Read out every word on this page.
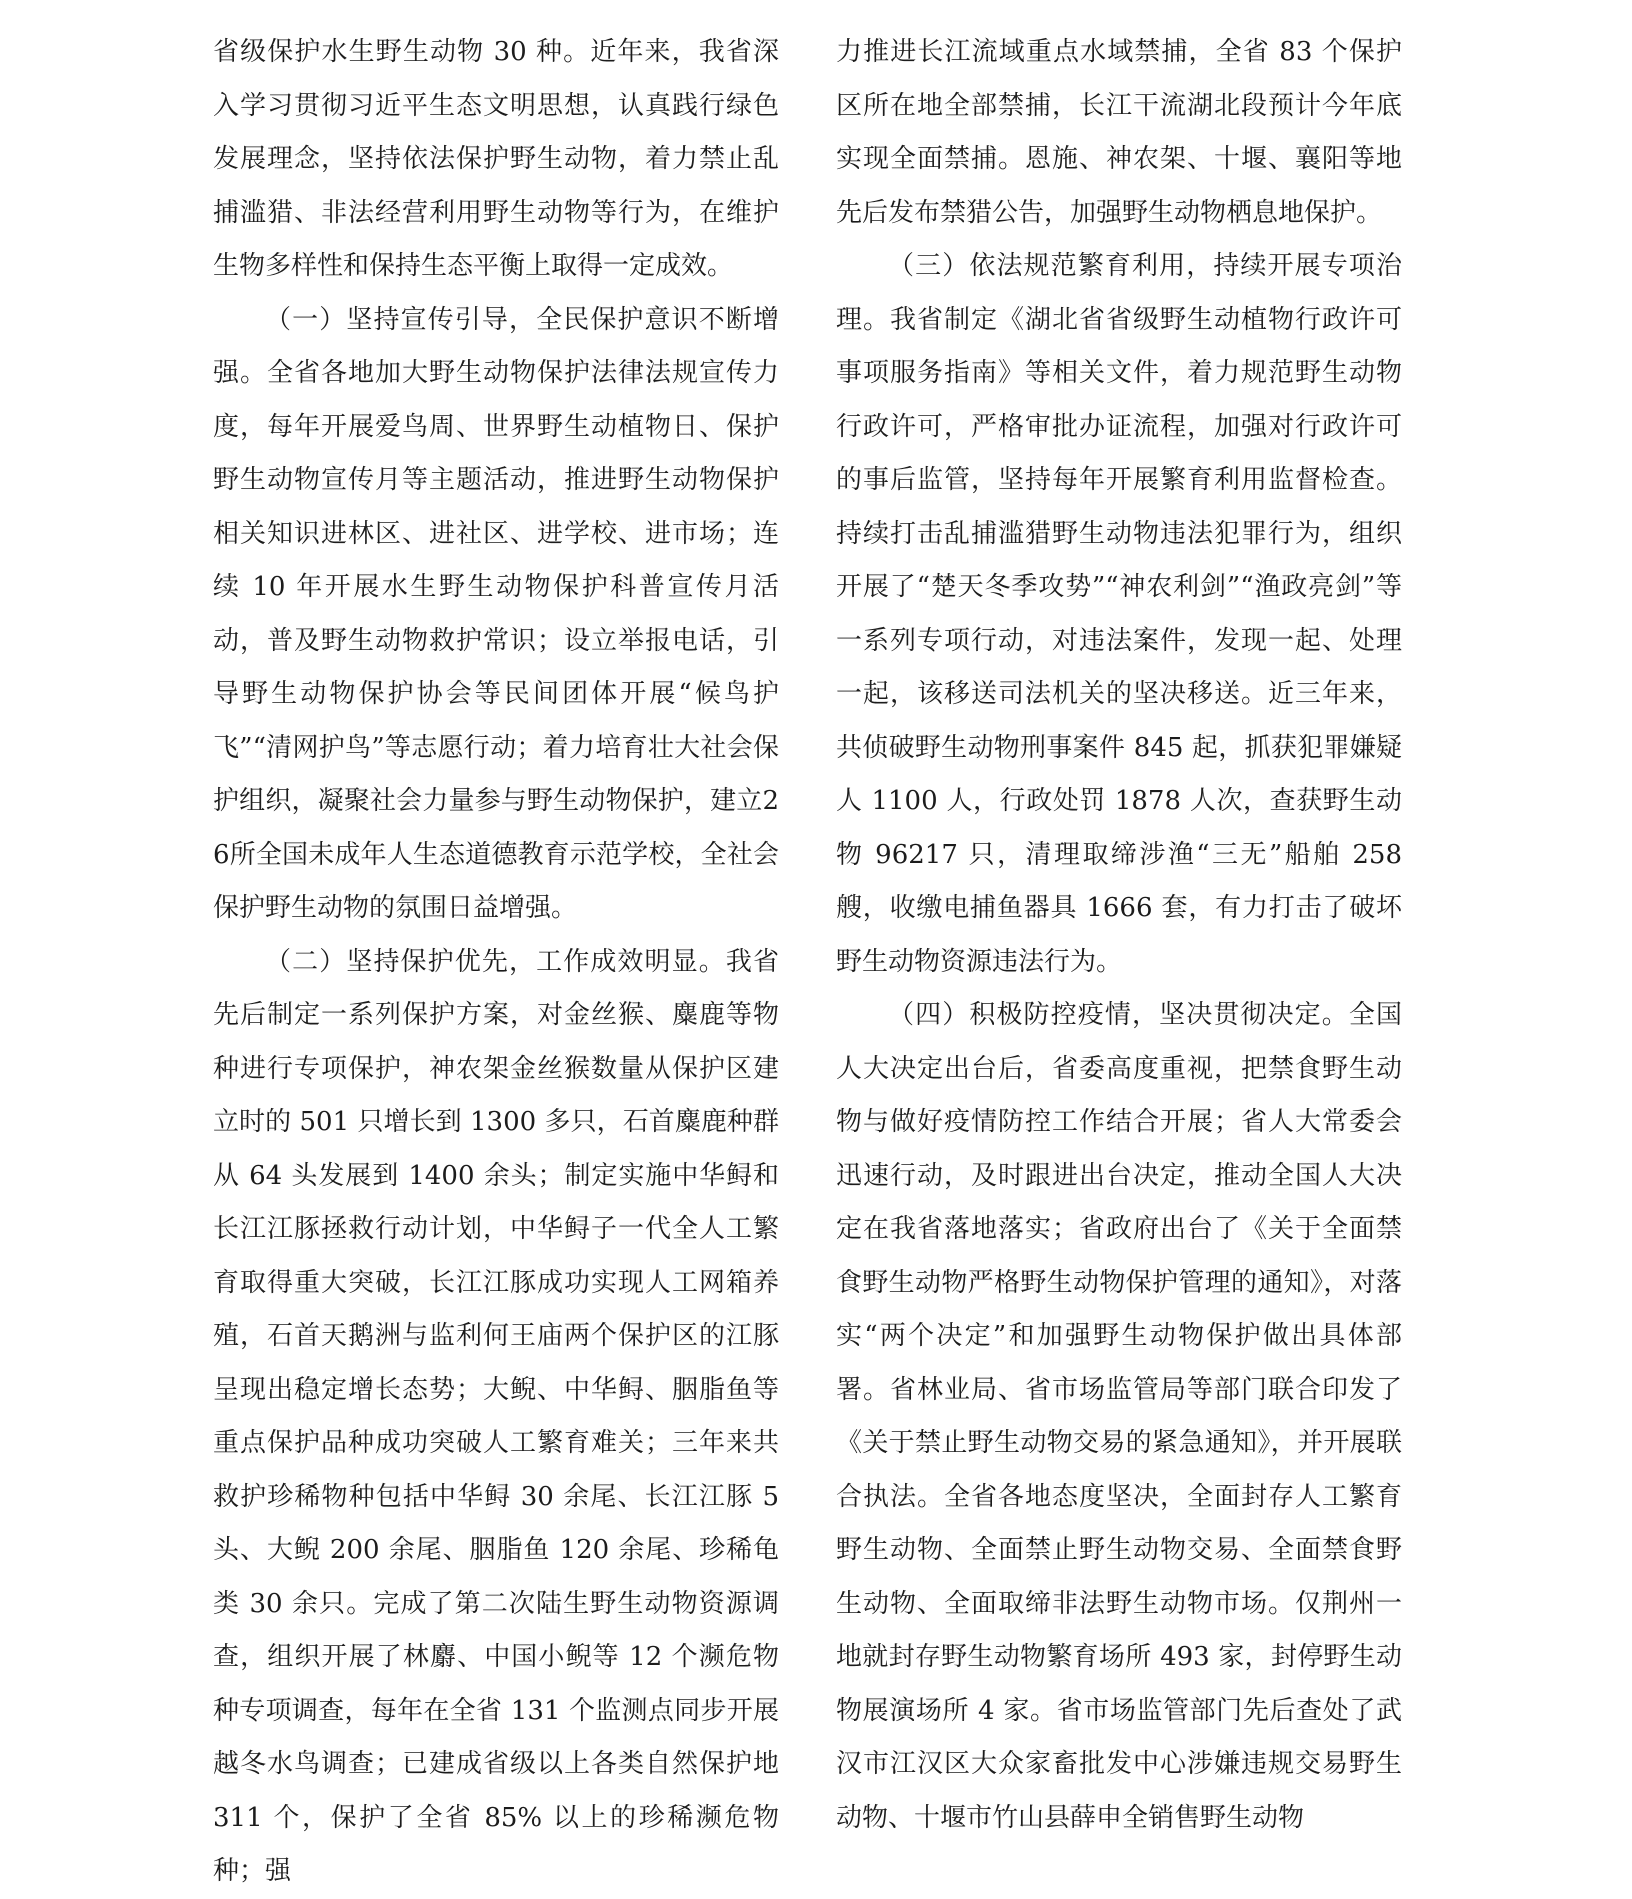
省级保护水生野生动物 30 种。近年来，我省深入学习贯彻习近平生态文明思想，认真践行绿色发展理念，坚持依法保护野生动物，着力禁止乱捕滥猎、非法经营利用野生动物等行为，在维护生物多样性和保持生态平衡上取得一定成效。

（一）坚持宣传引导，全民保护意识不断增强。全省各地加大野生动物保护法律法规宣传力度，每年开展爱鸟周、世界野生动植物日、保护野生动物宣传月等主题活动，推进野生动物保护相关知识进林区、进社区、进学校、进市场；连续 10 年开展水生野生动物保护科普宣传月活动，普及野生动物救护常识；设立举报电话，引导野生动物保护协会等民间团体开展“候鸟护飞”“清网护鸟”等志愿行动；着力培育壮大社会保护组织，凝聚社会力量参与野生动物保护，建立26所全国未成年人生态道德教育示范学校，全社会保护野生动物的氛围日益增强。

（二）坚持保护优先，工作成效明显。我省先后制定一系列保护方案，对金丝猴、麋鹿等物种进行专项保护，神农架金丝猴数量从保护区建立时的 501 只增长到 1300 多只，石首麋鹿种群从 64 头发展到 1400 余头；制定实施中华鲟和长江江豚拯救行动计划，中华鲟子一代全人工繁育取得重大突破，长江江豚成功实现人工网箱养殖，石首天鹅洲与监利何王庙两个保护区的江豚呈现出稳定增长态势；大鲵、中华鲟、胭脂鱼等重点保护品种成功突破人工繁育难关；三年来共救护珍稀物种包括中华鲟 30 余尾、长江江豚 5 头、大鲵 200 余尾、胭脂鱼 120 余尾、珍稀龟类 30 余只。完成了第二次陆生野生动物资源调查，组织开展了林麝、中国小鲵等 12 个濒危物种专项调查，每年在全省 131 个监测点同步开展越冬水鸟调查；已建成省级以上各类自然保护地 311 个，保护了全省 85% 以上的珍稀濒危物种；强

力推进长江流域重点水域禁捕，全省 83 个保护区所在地全部禁捕，长江干流湖北段预计今年底实现全面禁捕。恩施、神农架、十堰、襄阳等地先后发布禁猎公告，加强野生动物栖息地保护。

（三）依法规范繁育利用，持续开展专项治理。我省制定《湖北省省级野生动植物行政许可事项服务指南》等相关文件，着力规范野生动物行政许可，严格审批办证流程，加强对行政许可的事后监管，坚持每年开展繁育利用监督检查。持续打击乱捕滥猎野生动物违法犯罪行为，组织开展了“楚天冬季攻势”“神农利剑”“渔政亮剑”等一系列专项行动，对违法案件，发现一起、处理一起，该移送司法机关的坚决移送。近三年来，共侦破野生动物刑事案件 845 起，抓获犯罪嫌疑人 1100 人，行政处罚 1878 人次，查获野生动物 96217 只，清理取缔涉渔“三无”船舶 258 艘，收缴电捕鱼器具 1666 套，有力打击了破坏野生动物资源违法行为。

（四）积极防控疫情，坚决贯彻决定。全国人大决定出台后，省委高度重视，把禁食野生动物与做好疫情防控工作结合开展；省人大常委会迅速行动，及时跟进出台决定，推动全国人大决定在我省落地落实；省政府出台了《关于全面禁食野生动物严格野生动物保护管理的通知》，对落实“两个决定”和加强野生动物保护做出具体部署。省林业局、省市场监管局等部门联合印发了《关于禁止野生动物交易的紧急通知》，并开展联合执法。全省各地态度坚决，全面封存人工繁育野生动物、全面禁止野生动物交易、全面禁食野生动物、全面取缔非法野生动物市场。仅荆州一地就封存野生动物繁育场所 493 家，封停野生动物展演场所 4 家。省市场监管部门先后查处了武汉市江汉区大众家畜批发中心涉嫌违规交易野生动物、十堰市竹山县薛申全销售野生动物
